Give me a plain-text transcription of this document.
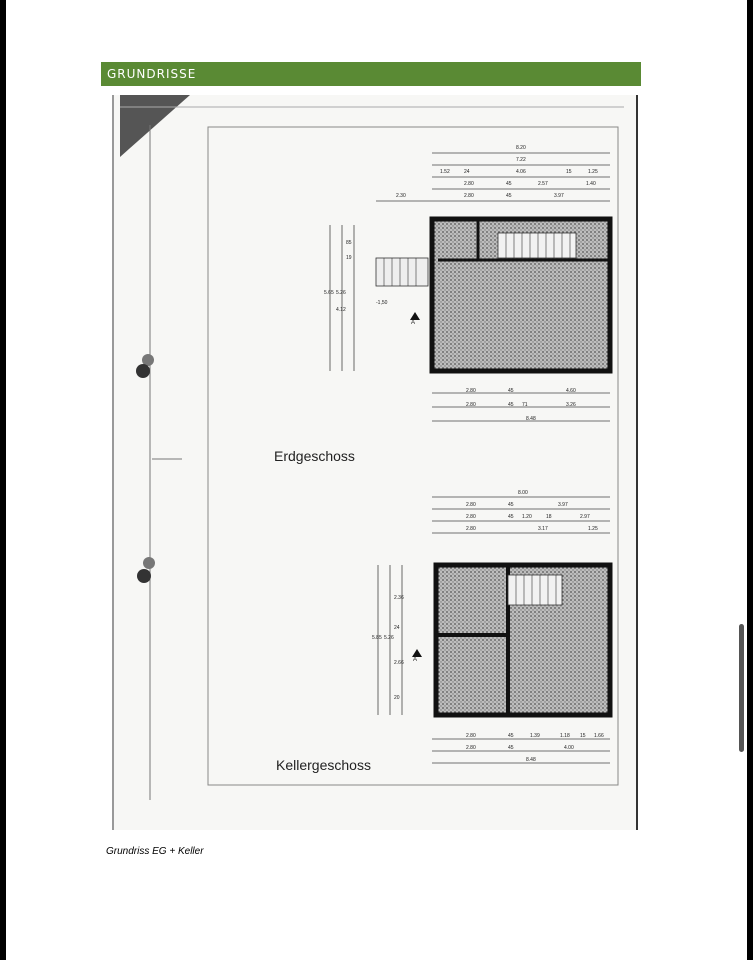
GRUNDRISSE
8.20
7.22
1.52	24	4.06	15	1.25
2.80	45	2.57	1.40
2.30	2.80	45	3.97
2.80	45	4.60
2.80	45 71	3.26
8.48
5.65 5.26
4.12
85
19
-1,50
A
Erdgeschoss
8.00
2.80	45	3.97
2.80	45 1.20	18	2.97
2.80	3.17	1.25
2.80	45	1.39	1.18 15 1.66
2.80	45	4.00
8.48
5.85 5.26
2.36
24
2.66
20
A
Kellergeschoss
Grundriss EG + Keller
